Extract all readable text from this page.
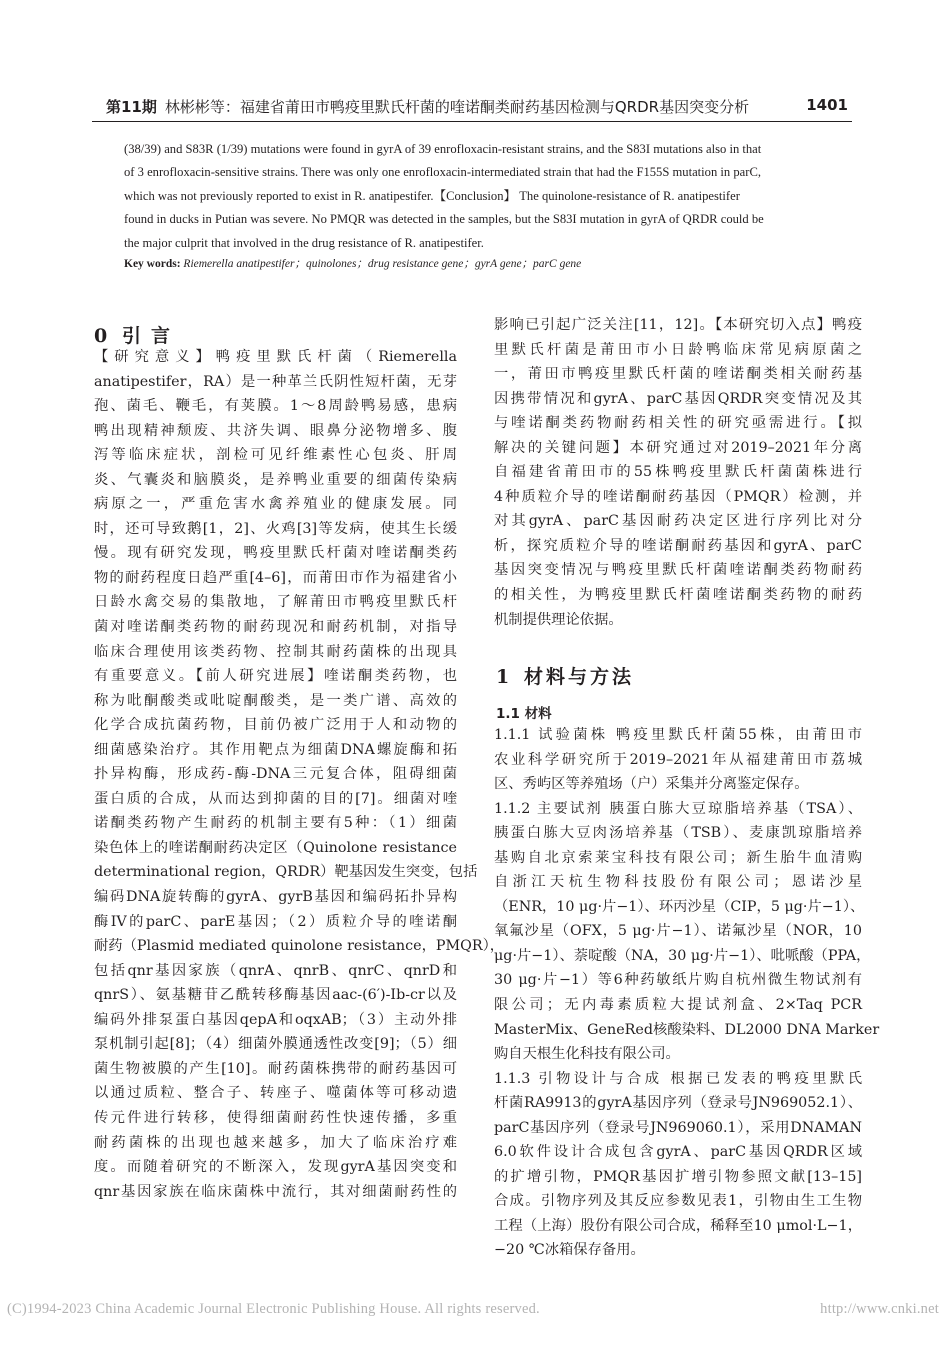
第11期 林彬彬等：福建省莆田市鸭疫里默氏杆菌的喹诺酮类耐药基因检测与QRDR基因突变分析	1401
(38/39) and S83R (1/39) mutations were found in gyrA of 39 enrofloxacin-resistant strains, and the S83I mutations also in that
of 3 enrofloxacin-sensitive strains. There was only one enrofloxacin-intermediated strain that had the F155S mutation in parC,
which was not previously reported to exist in R. anatipestifer.【Conclusion】 The quinolone-resistance of R. anatipestifer
found in ducks in Putian was severe. No PMQR was detected in the samples, but the S83I mutation in gyrA of QRDR could be
the major culprit that involved in the drug resistance of R. anatipestifer.
Key words: Riemerella anatipestifer；quinolones；drug resistance gene；gyrA gene；parC gene
0 引言
【研究意义】鸭疫里默氏杆菌（Riemerella
anatipestifer，RA）是一种革兰氏阴性短杆菌，无芽
孢、菌毛、鞭毛，有荚膜。1～8周龄鸭易感，患病
鸭出现精神颓废、共济失调、眼鼻分泌物增多、腹
泻等临床症状，剖检可见纤维素性心包炎、肝周
炎、气囊炎和脑膜炎，是养鸭业重要的细菌传染病
病原之一，严重危害水禽养殖业的健康发展。同
时，还可导致鹅[1，2]、火鸡[3]等发病，使其生长缓
慢。现有研究发现，鸭疫里默氏杆菌对喹诺酮类药
物的耐药程度日趋严重[4–6]，而莆田市作为福建省小
日龄水禽交易的集散地，了解莆田市鸭疫里默氏杆
菌对喹诺酮类药物的耐药现况和耐药机制，对指导
临床合理使用该类药物、控制其耐药菌株的出现具
有重要意义。【前人研究进展】喹诺酮类药物，也
称为吡酮酸类或吡啶酮酸类，是一类广谱、高效的
化学合成抗菌药物，目前仍被广泛用于人和动物的
细菌感染治疗。其作用靶点为细菌DNA螺旋酶和拓
扑异构酶，形成药-酶-DNA三元复合体，阻碍细菌
蛋白质的合成，从而达到抑菌的目的[7]。细菌对喹
诺酮类药物产生耐药的机制主要有5种：（1）细菌
染色体上的喹诺酮耐药决定区（Quinolone resistance
determinational region，QRDR）靶基因发生突变，包括
编码DNA旋转酶的gyrA、gyrB基因和编码拓扑异构
酶IV的parC、parE基因；（2）质粒介导的喹诺酮
耐药（Plasmid mediated quinolone resistance，PMQR），
包括qnr基因家族（qnrA、qnrB、qnrC、qnrD和
qnrS）、氨基糖苷乙酰转移酶基因aac-(6′)-Ib-cr以及
编码外排泵蛋白基因qepA和oqxAB；（3）主动外排
泵机制引起[8]；（4）细菌外膜通透性改变[9]；（5）细
菌生物被膜的产生[10]。耐药菌株携带的耐药基因可
以通过质粒、整合子、转座子、噬菌体等可移动遗
传元件进行转移，使得细菌耐药性快速传播，多重
耐药菌株的出现也越来越多，加大了临床治疗难
度。而随着研究的不断深入，发现gyrA基因突变和
qnr基因家族在临床菌株中流行，其对细菌耐药性的
影响已引起广泛关注[11，12]。【本研究切入点】鸭疫
里默氏杆菌是莆田市小日龄鸭临床常见病原菌之
一，莆田市鸭疫里默氏杆菌的喹诺酮类相关耐药基
因携带情况和gyrA、parC基因QRDR突变情况及其
与喹诺酮类药物耐药相关性的研究亟需进行。【拟
解决的关键问题】本研究通过对2019–2021年分离
自福建省莆田市的55株鸭疫里默氏杆菌菌株进行
4种质粒介导的喹诺酮耐药基因（PMQR）检测，并
对其gyrA、parC基因耐药决定区进行序列比对分
析，探究质粒介导的喹诺酮耐药基因和gyrA、parC
基因突变情况与鸭疫里默氏杆菌喹诺酮类药物耐药
的相关性，为鸭疫里默氏杆菌喹诺酮类药物的耐药
机制提供理论依据。
1 材料与方法
1.1 材料
1.1.1 试验菌株 鸭疫里默氏杆菌55株，由莆田市
农业科学研究所于2019–2021年从福建莆田市荔城
区、秀屿区等养殖场（户）采集并分离鉴定保存。
1.1.2 主要试剂 胰蛋白胨大豆琼脂培养基（TSA）、
胰蛋白胨大豆肉汤培养基（TSB）、麦康凯琼脂培养
基购自北京索莱宝科技有限公司；新生胎牛血清购
自浙江天杭生物科技股份有限公司；恩诺沙星
（ENR，10 μg·片−1）、环丙沙星（CIP，5 μg·片−1）、
氧氟沙星（OFX，5 μg·片−1）、诺氟沙星（NOR，10
μg·片−1）、萘啶酸（NA，30 μg·片−1）、吡哌酸（PPA，
30 μg·片−1）等6种药敏纸片购自杭州微生物试剂有
限公司；无内毒素质粒大提试剂盒、2×Taq PCR
MasterMix、GeneRed核酸染料、DL2000 DNA Marker
购自天根生化科技有限公司。
1.1.3 引物设计与合成 根据已发表的鸭疫里默氏
杆菌RA9913的gyrA基因序列（登录号JN969052.1）、
parC基因序列（登录号JN969060.1），采用DNAMAN
6.0软件设计合成包含gyrA、parC基因QRDR区域
的扩增引物，PMQR基因扩增引物参照文献[13–15]
合成。引物序列及其反应参数见表1，引物由生工生物
工程（上海）股份有限公司合成，稀释至10 μmol·L−1，
−20 ℃冰箱保存备用。
(C)1994-2023 China Academic Journal Electronic Publishing House. All rights reserved.	http://www.cnki.net
